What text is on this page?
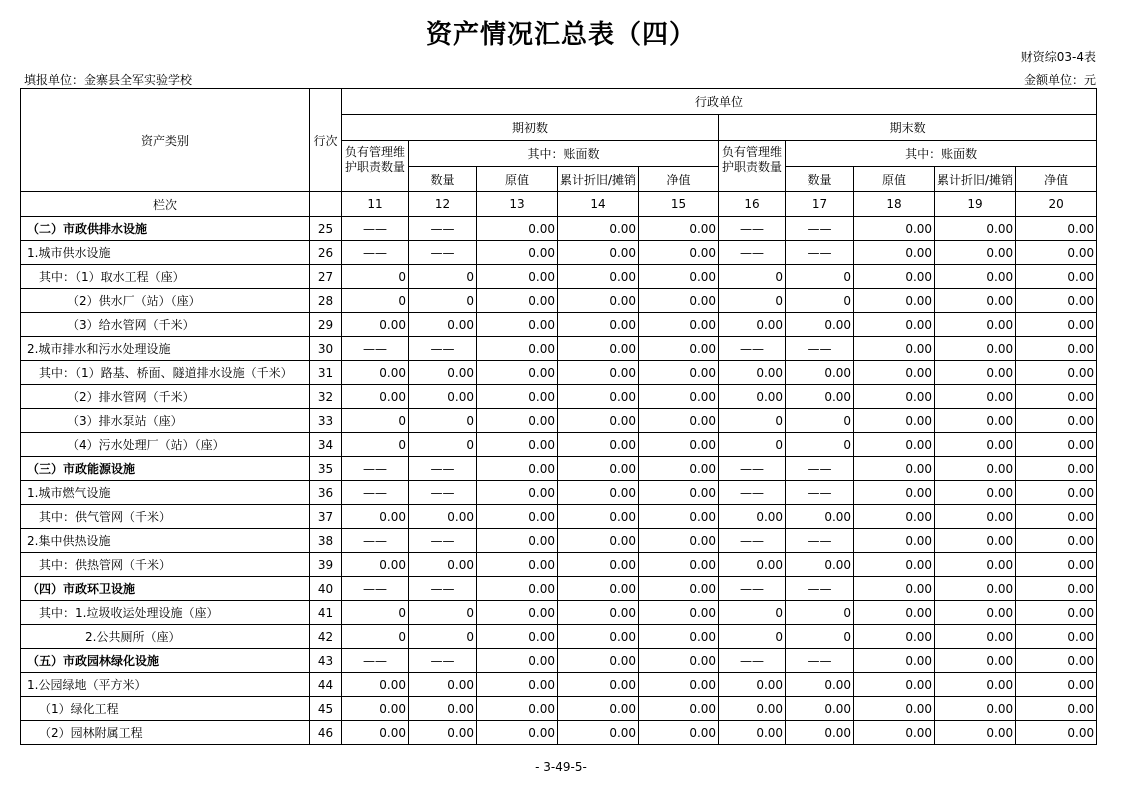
资产情况汇总表（四）
财资综03-4表
填报单位：金寨县全军实验学校	金额单位：元
资产类别	行次	行政单位									
		期初数					期末数				
		负有管理维护职责数量	其中：账面数				负有管理维护职责数量	其中：账面数			
			数量	原值	累计折旧/摊销	净值		数量	原值	累计折旧/摊销	净值
栏次		11	12	13	14	15	16	17	18	19	20
（二）市政供排水设施	25	——	——	0.00	0.00	0.00	——	——	0.00	0.00	0.00
1.城市供水设施	26	——	——	0.00	0.00	0.00	——	——	0.00	0.00	0.00
其中：（1）取水工程（座）	27	0	0	0.00	0.00	0.00	0	0	0.00	0.00	0.00
（2）供水厂（站）（座）	28	0	0	0.00	0.00	0.00	0	0	0.00	0.00	0.00
（3）给水管网（千米）	29	0.00	0.00	0.00	0.00	0.00	0.00	0.00	0.00	0.00	0.00
2.城市排水和污水处理设施	30	——	——	0.00	0.00	0.00	——	——	0.00	0.00	0.00
其中：（1）路基、桥面、隧道排水设施（千米）	31	0.00	0.00	0.00	0.00	0.00	0.00	0.00	0.00	0.00	0.00
（2）排水管网（千米）	32	0.00	0.00	0.00	0.00	0.00	0.00	0.00	0.00	0.00	0.00
（3）排水泵站（座）	33	0	0	0.00	0.00	0.00	0	0	0.00	0.00	0.00
（4）污水处理厂（站）（座）	34	0	0	0.00	0.00	0.00	0	0	0.00	0.00	0.00
（三）市政能源设施	35	——	——	0.00	0.00	0.00	——	——	0.00	0.00	0.00
1.城市燃气设施	36	——	——	0.00	0.00	0.00	——	——	0.00	0.00	0.00
其中：供气管网（千米）	37	0.00	0.00	0.00	0.00	0.00	0.00	0.00	0.00	0.00	0.00
2.集中供热设施	38	——	——	0.00	0.00	0.00	——	——	0.00	0.00	0.00
其中：供热管网（千米）	39	0.00	0.00	0.00	0.00	0.00	0.00	0.00	0.00	0.00	0.00
（四）市政环卫设施	40	——	——	0.00	0.00	0.00	——	——	0.00	0.00	0.00
其中：1.垃圾收运处理设施（座）	41	0	0	0.00	0.00	0.00	0	0	0.00	0.00	0.00
2.公共厕所（座）	42	0	0	0.00	0.00	0.00	0	0	0.00	0.00	0.00
（五）市政园林绿化设施	43	——	——	0.00	0.00	0.00	——	——	0.00	0.00	0.00
1.公园绿地（平方米）	44	0.00	0.00	0.00	0.00	0.00	0.00	0.00	0.00	0.00	0.00
（1）绿化工程	45	0.00	0.00	0.00	0.00	0.00	0.00	0.00	0.00	0.00	0.00
（2）园林附属工程	46	0.00	0.00	0.00	0.00	0.00	0.00	0.00	0.00	0.00	0.00
- 3-49-5-
